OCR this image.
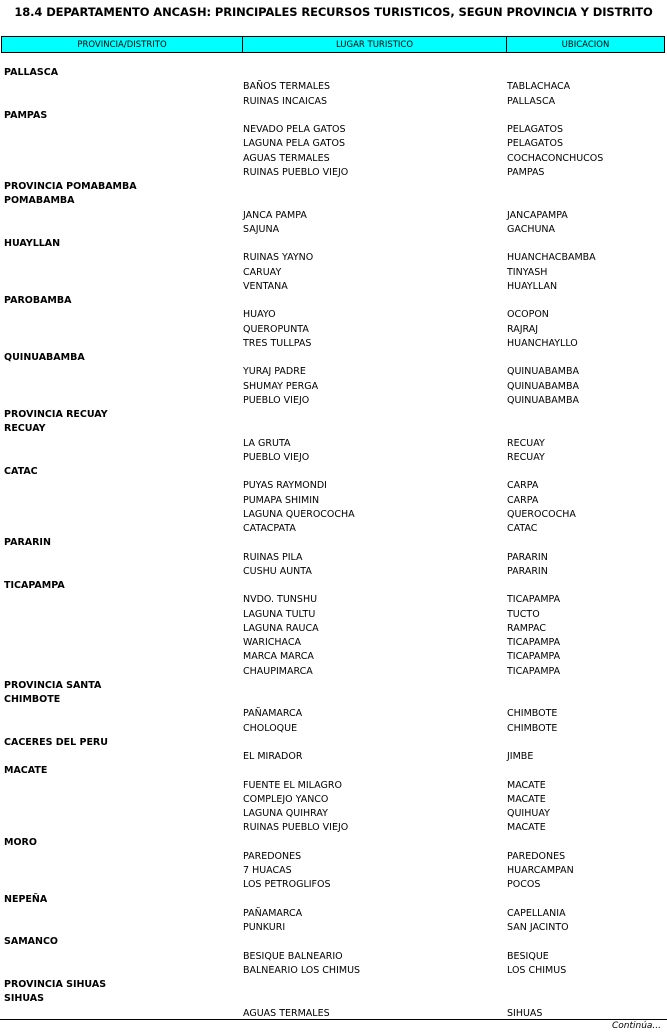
18.4 DEPARTAMENTO ANCASH: PRINCIPALES RECURSOS TURISTICOS, SEGUN PROVINCIA Y DISTRITO
PROVINCIA/DISTRITO	LUGAR TURISTICO	UBICACION
PALLASCA
BAÑOS TERMALES	TABLACHACA
RUINAS INCAICAS	PALLASCA
PAMPAS
NEVADO PELA GATOS	PELAGATOS
LAGUNA PELA GATOS	PELAGATOS
AGUAS TERMALES	COCHACONCHUCOS
RUINAS PUEBLO VIEJO	PAMPAS
PROVINCIA POMABAMBA
POMABAMBA
JANCA PAMPA	JANCAPAMPA
SAJUNA	GACHUNA
HUAYLLAN
RUINAS YAYNO	HUANCHACBAMBA
CARUAY	TINYASH
VENTANA	HUAYLLAN
PAROBAMBA
HUAYO	OCOPON
QUEROPUNTA	RAJRAJ
TRES TULLPAS	HUANCHAYLLO
QUINUABAMBA
YURAJ PADRE	QUINUABAMBA
SHUMAY PERGA	QUINUABAMBA
PUEBLO VIEJO	QUINUABAMBA
PROVINCIA RECUAY
RECUAY
LA GRUTA	RECUAY
PUEBLO VIEJO	RECUAY
CATAC
PUYAS RAYMONDI	CARPA
PUMAPA SHIMIN	CARPA
LAGUNA QUEROCOCHA	QUEROCOCHA
CATACPATA	CATAC
PARARIN
RUINAS PILA	PARARIN
CUSHU AUNTA	PARARIN
TICAPAMPA
NVDO. TUNSHU	TICAPAMPA
LAGUNA TULTU	TUCTO
LAGUNA RAUCA	RAMPAC
WARICHACA	TICAPAMPA
MARCA MARCA	TICAPAMPA
CHAUPIMARCA	TICAPAMPA
PROVINCIA SANTA
CHIMBOTE
PAÑAMARCA	CHIMBOTE
CHOLOQUE	CHIMBOTE
CACERES DEL PERU
EL MIRADOR	JIMBE
MACATE
FUENTE EL MILAGRO	MACATE
COMPLEJO YANCO	MACATE
LAGUNA QUIHRAY	QUIHUAY
RUINAS PUEBLO VIEJO	MACATE
MORO
PAREDONES	PAREDONES
7 HUACAS	HUARCAMPAN
LOS PETROGLIFOS	POCOS
NEPEÑA
PAÑAMARCA	CAPELLANIA
PUNKURI	SAN JACINTO
SAMANCO
BESIQUE BALNEARIO	BESIQUE
BALNEARIO LOS CHIMUS	LOS CHIMUS
PROVINCIA SIHUAS
SIHUAS
AGUAS TERMALES	SIHUAS
Continúa...
